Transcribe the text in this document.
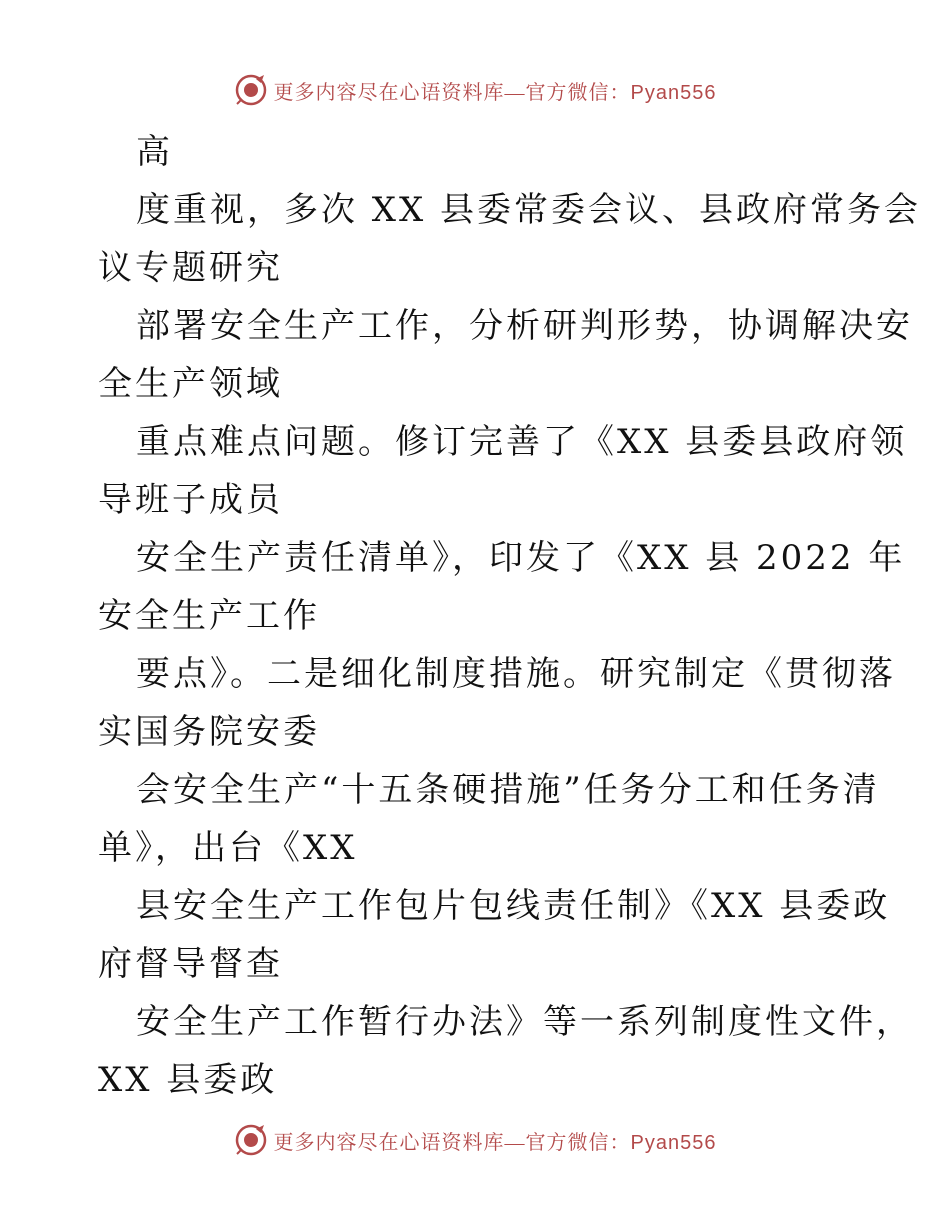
更多内容尽在心语资料库—官方微信：Pyan556
高
度重视，多次 XX 县委常委会议、县政府常务会
议专题研究
部署安全生产工作，分析研判形势，协调解决安
全生产领域
重点难点问题。修订完善了《XX 县委县政府领
导班子成员
安全生产责任清单》，印发了《XX 县 2022 年
安全生产工作
要点》。二是细化制度措施。研究制定《贯彻落
实国务院安委
会安全生产“十五条硬措施”任务分工和任务清
单》，出台《XX
县安全生产工作包片包线责任制》《XX 县委政
府督导督查
安全生产工作暂行办法》等一系列制度性文件，
XX 县委政
更多内容尽在心语资料库—官方微信：Pyan556
